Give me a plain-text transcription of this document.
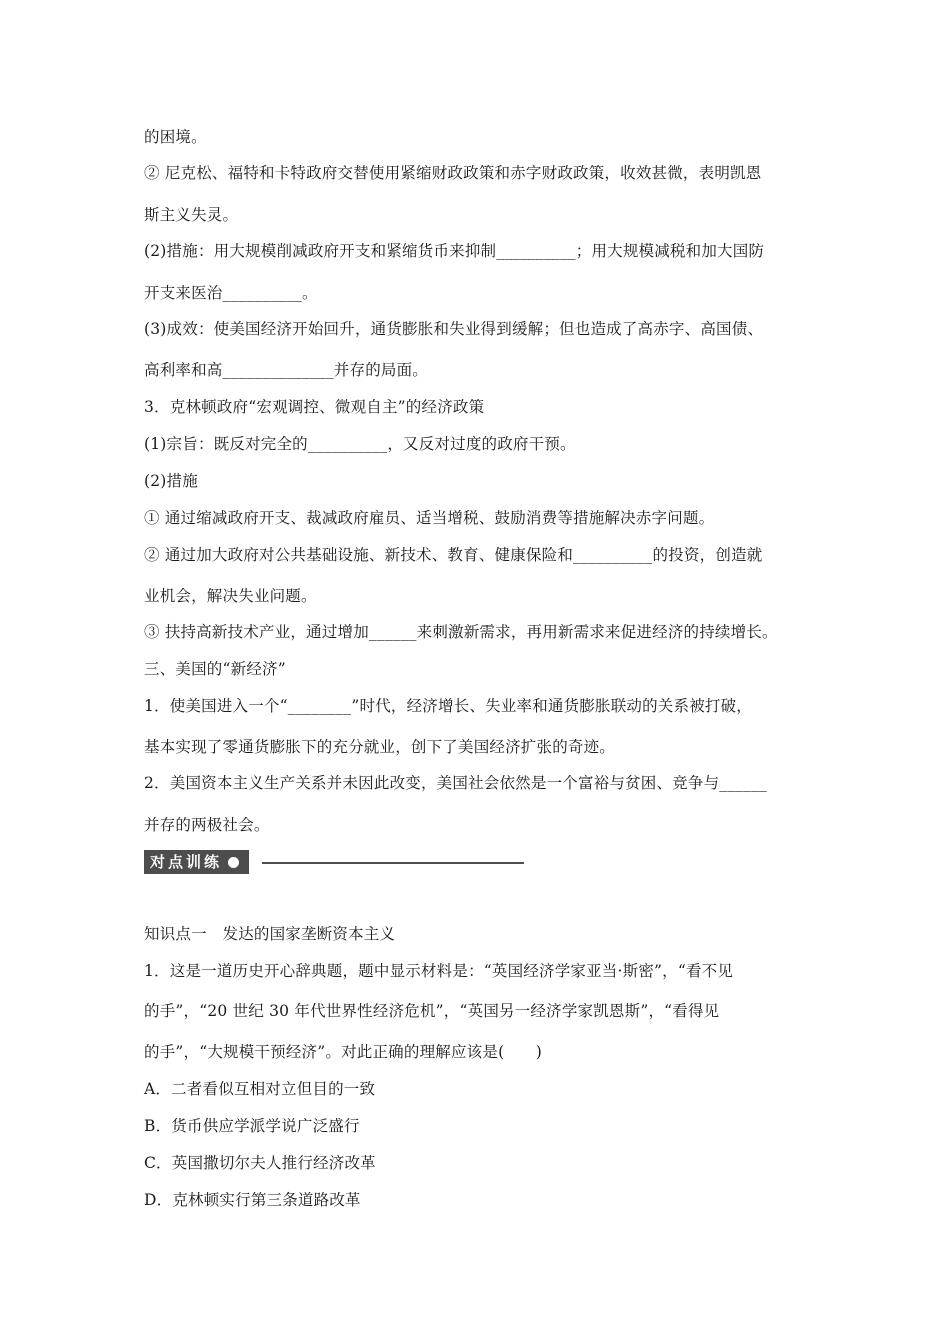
的困境。
② 尼克松、福特和卡特政府交替使用紧缩财政政策和赤字财政政策，收效甚微，表明凯恩
斯主义失灵。
(2)措施：用大规模削减政府开支和紧缩货币来抑制__________；用大规模减税和加大国防
开支来医治__________。
(3)成效：使美国经济开始回升，通货膨胀和失业得到缓解；但也造成了高赤字、高国债、
高利率和高______________并存的局面。
3．克林顿政府“宏观调控、微观自主”的经济政策
(1)宗旨：既反对完全的__________，又反对过度的政府干预。
(2)措施
① 通过缩减政府开支、裁减政府雇员、适当增税、鼓励消费等措施解决赤字问题。
② 通过加大政府对公共基础设施、新技术、教育、健康保险和__________的投资，创造就
业机会，解决失业问题。
③ 扶持高新技术产业，通过增加______来刺激新需求，再用新需求来促进经济的持续增长。
三、美国的“新经济”
1．使美国进入一个“________”时代，经济增长、失业率和通货膨胀联动的关系被打破，
基本实现了零通货膨胀下的充分就业，创下了美国经济扩张的奇迹。
2．美国资本主义生产关系并未因此改变，美国社会依然是一个富裕与贫困、竞争与______
并存的两极社会。
对点训练
知识点一　发达的国家垄断资本主义
1．这是一道历史开心辞典题，题中显示材料是：“英国经济学家亚当·斯密”，“看不见
的手”，“20 世纪 30 年代世界性经济危机”，“英国另一经济学家凯恩斯”，“看得见
的手”，“大规模干预经济”。对此正确的理解应该是(　　)
A．二者看似互相对立但目的一致
B．货币供应学派学说广泛盛行
C．英国撒切尔夫人推行经济改革
D．克林顿实行第三条道路改革
